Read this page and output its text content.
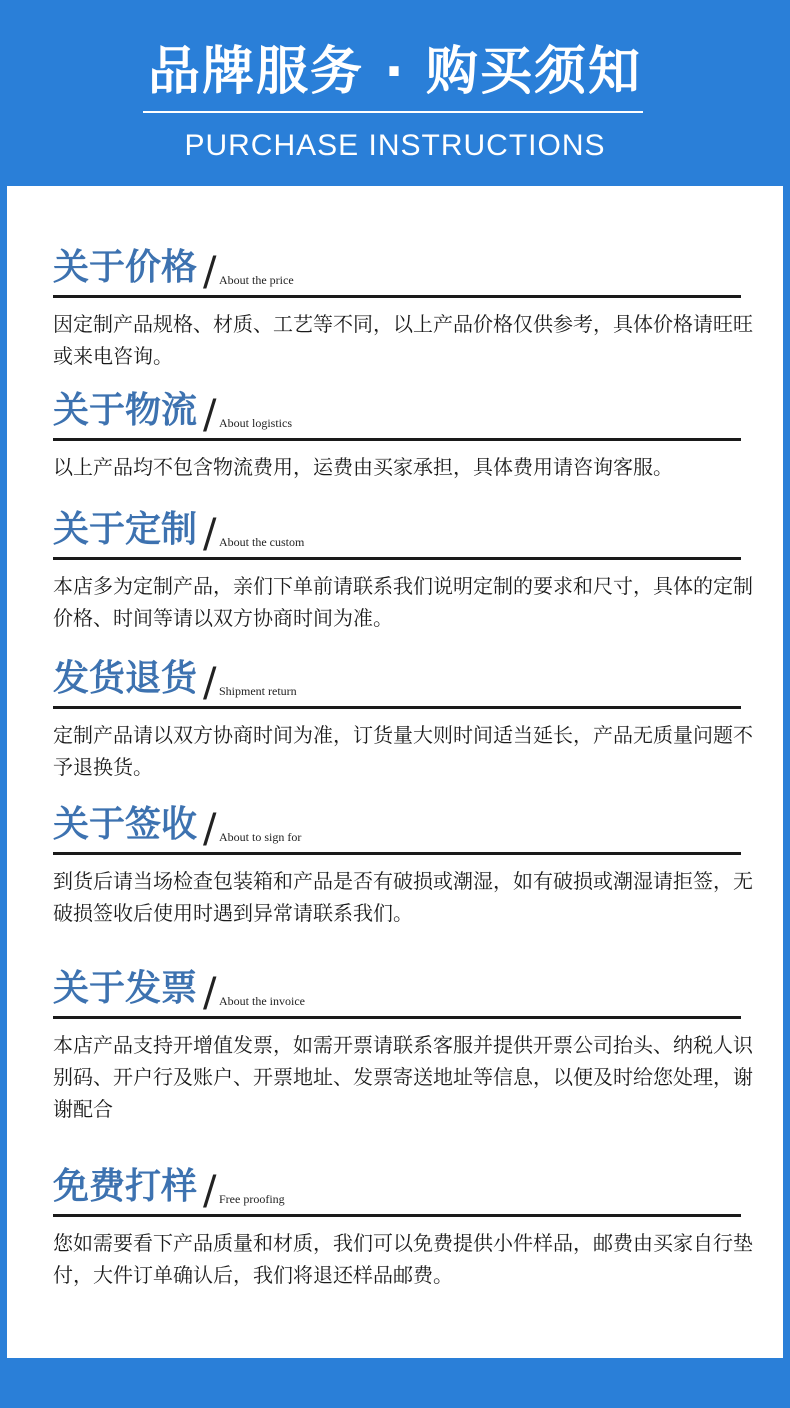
品牌服务 · 购买须知
PURCHASE INSTRUCTIONS
关于价格 / About the price
因定制产品规格、材质、工艺等不同，以上产品价格仅供参考，具体价格请旺旺或来电咨询。
关于物流 / About logistics
以上产品均不包含物流费用，运费由买家承担，具体费用请咨询客服。
关于定制 / About the custom
本店多为定制产品，亲们下单前请联系我们说明定制的要求和尺寸，具体的定制价格、时间等请以双方协商时间为准。
发货退货 / Shipment return
定制产品请以双方协商时间为准，订货量大则时间适当延长，产品无质量问题不予退换货。
关于签收 / About to sign for
到货后请当场检查包装箱和产品是否有破损或潮湿，如有破损或潮湿请拒签，无破损签收后使用时遇到异常请联系我们。
关于发票 / About the invoice
本店产品支持开增值发票，如需开票请联系客服并提供开票公司抬头、纳税人识别码、开户行及账户、开票地址、发票寄送地址等信息，以便及时给您处理，谢谢配合
免费打样 / Free proofing
您如需要看下产品质量和材质，我们可以免费提供小件样品，邮费由买家自行垫付，大件订单确认后，我们将退还样品邮费。
